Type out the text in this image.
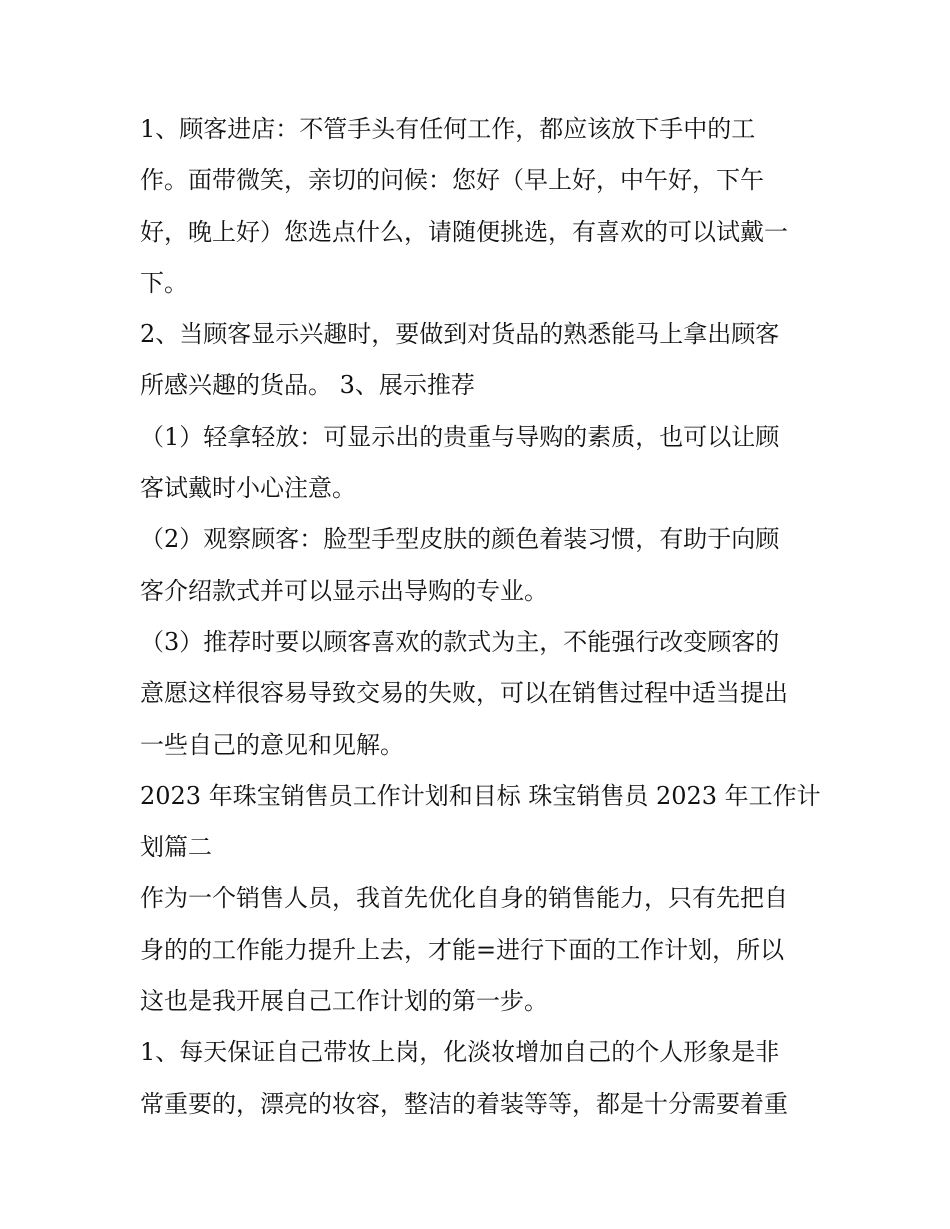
1、顾客进店：不管手头有任何工作，都应该放下手中的工
作。面带微笑，亲切的问候：您好（早上好，中午好，下午
好，晚上好）您选点什么，请随便挑选，有喜欢的可以试戴一
下。
2、当顾客显示兴趣时，要做到对货品的熟悉能马上拿出顾客
所感兴趣的货品。 3、展示推荐
（1）轻拿轻放：可显示出的贵重与导购的素质，也可以让顾
客试戴时小心注意。
（2）观察顾客：脸型手型皮肤的颜色着装习惯，有助于向顾
客介绍款式并可以显示出导购的专业。
（3）推荐时要以顾客喜欢的款式为主，不能强行改变顾客的
意愿这样很容易导致交易的失败，可以在销售过程中适当提出
一些自己的意见和见解。
2023 年珠宝销售员工作计划和目标 珠宝销售员 2023 年工作计
划篇二
作为一个销售人员，我首先优化自身的销售能力，只有先把自
身的的工作能力提升上去，才能=进行下面的工作计划，所以
这也是我开展自己工作计划的第一步。
1、每天保证自己带妆上岗，化淡妆增加自己的个人形象是非
常重要的，漂亮的妆容，整洁的着装等等，都是十分需要着重
